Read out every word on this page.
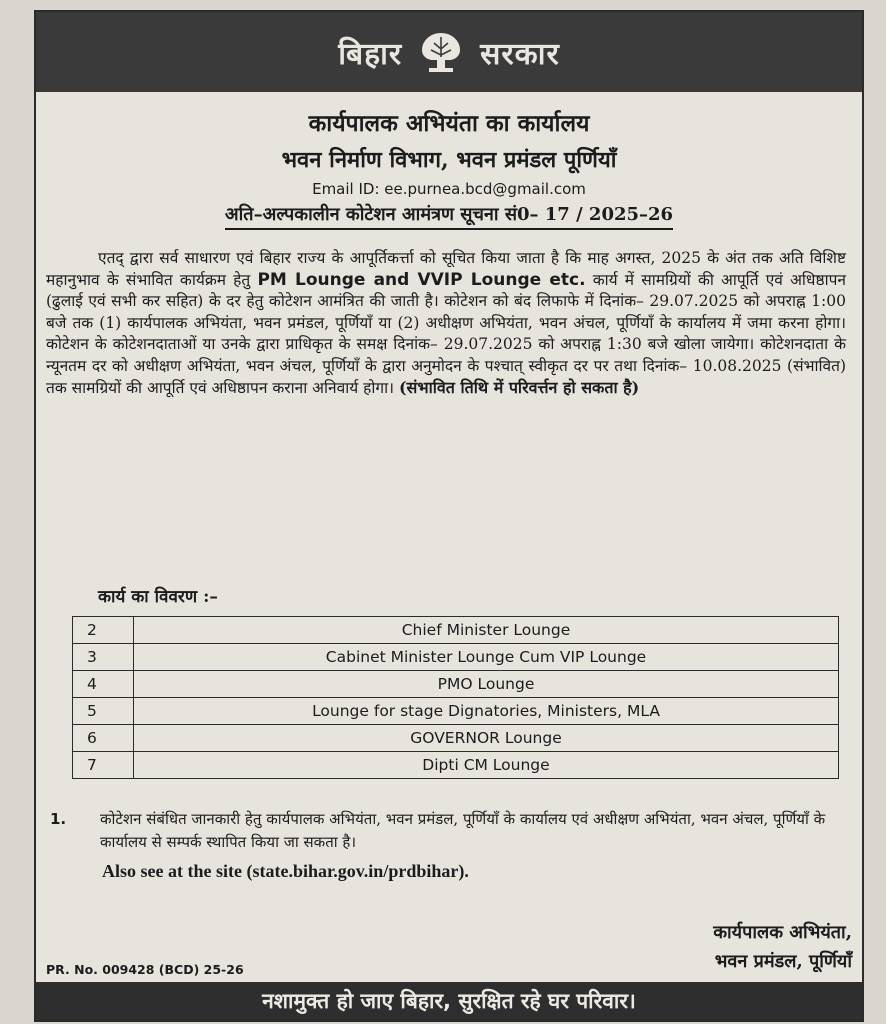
बिहार	सरकार
कार्यपालक अभियंता का कार्यालय
भवन निर्माण विभाग, भवन प्रमंडल पूर्णियाँ
Email ID: ee.purnea.bcd@gmail.com
अति–अल्पकालीन कोटेशन आमंत्रण सूचना सं0– 17 / 2025–26
एतद् द्वारा सर्व साधारण एवं बिहार राज्य के आपूर्तिकर्त्ता को सूचित किया जाता है कि माह अगस्त, 2025 के अंत तक अति विशिष्ट महानुभाव के संभावित कार्यक्रम हेतु PM Lounge and VVIP Lounge etc. कार्य में सामग्रियों की आपूर्ति एवं अधिष्ठापन (ढुलाई एवं सभी कर सहित) के दर हेतु कोटेशन आमंत्रित की जाती है। कोटेशन को बंद लिफाफे में दिनांक– 29.07.2025 को अपराह्न 1:00 बजे तक (1) कार्यपालक अभियंता, भवन प्रमंडल, पूर्णियाँ या (2) अधीक्षण अभियंता, भवन अंचल, पूर्णियाँ के कार्यालय में जमा करना होगा। कोटेशन के कोटेशनदाताओं या उनके द्वारा प्राधिकृत के समक्ष दिनांक– 29.07.2025 को अपराह्न 1:30 बजे खोला जायेगा। कोटेशनदाता के न्यूनतम दर को अधीक्षण अभियंता, भवन अंचल, पूर्णियाँ के द्वारा अनुमोदन के पश्चात् स्वीकृत दर पर तथा दिनांक– 10.08.2025 (संभावित) तक सामग्रियों की आपूर्ति एवं अधिष्ठापन कराना अनिवार्य होगा। (संभावित तिथि में परिवर्त्तन हो सकता है)
कार्य का विवरण :–
2	Chief Minister Lounge
3	Cabinet Minister Lounge Cum VIP Lounge
4	PMO Lounge
5	Lounge for stage Dignatories, Ministers, MLA
6	GOVERNOR Lounge
7	Dipti CM Lounge
1. कोटेशन संबंधित जानकारी हेतु कार्यपालक अभियंता, भवन प्रमंडल, पूर्णियाँ के कार्यालय एवं अधीक्षण अभियंता, भवन अंचल, पूर्णियाँ के कार्यालय से सम्पर्क स्थापित किया जा सकता है।
Also see at the site (state.bihar.gov.in/prdbihar).
कार्यपालक अभियंता,
भवन प्रमंडल, पूर्णियाँ
PR. No. 009428 (BCD) 25-26
नशामुक्त हो जाए बिहार, सुरक्षित रहे घर परिवार।
